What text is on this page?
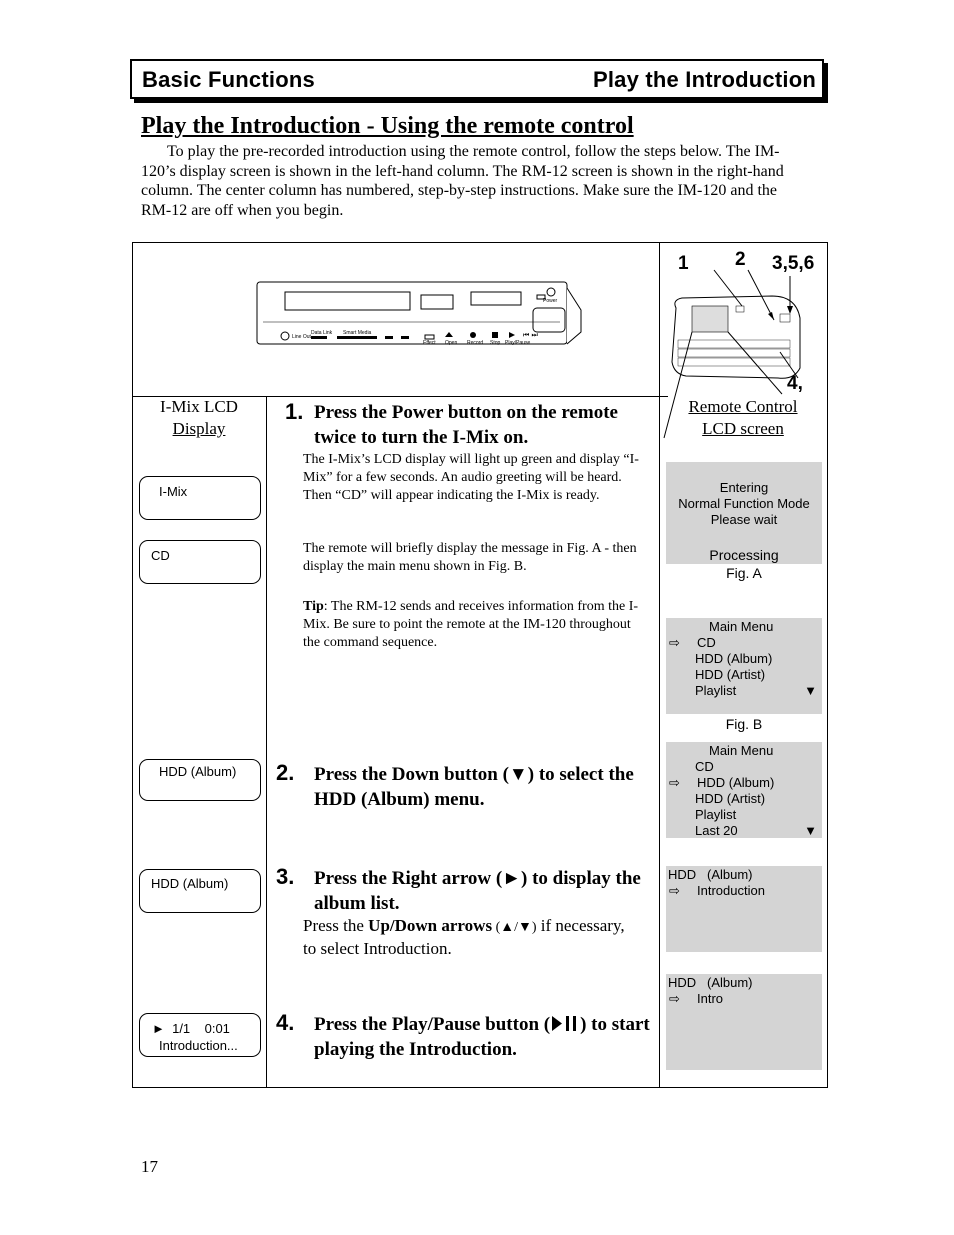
Basic Functions	Play the Introduction
Play the Introduction - Using the remote control
To play the pre-recorded introduction using the remote control, follow the steps below. The IM-120’s display screen is shown in the left-hand column. The RM-12 screen is shown in the right-hand column. The center column has numbered, step-by-step instructions. Make sure the IM-120 and the RM-12 are off when you begin.
Power
Line Out
Data Link Smart Media
Effect Open Record Stop Play/Pause
⏮ ⏭
1 2 3,5,6
4,
I-Mix LCD
Display
Remote Control
LCD screen
I-Mix
CD
HDD (Album)
HDD (Album)
►  1/1    0:01
Introduction...
1. Press the Power button on the remote twice to turn the I-Mix on.
The I-Mix’s LCD display will light up green and display “I-Mix” for a few seconds. An audio greeting will be heard. Then “CD” will appear indicating the I-Mix is ready.
The remote will briefly display the message in Fig. A - then display the main menu shown in Fig. B.
Tip: The RM-12 sends and receives information from the I-Mix. Be sure to point the remote at the IM-120 throughout the command sequence.
2. Press the Down button (▼) to select the HDD (Album) menu.
3. Press the Right arrow (►) to display the album list.
Press the Up/Down arrows (▲/▼) if necessary, to select Introduction.
4. Press the Play/Pause button ( ) to start playing the Introduction.
Entering
Normal Function Mode
Please wait
Processing
Fig. A
Main Menu
⇨ CD
HDD (Album)
HDD (Artist)
Playlist	▼
Fig. B
Main Menu
CD
⇨ HDD (Album)
HDD (Artist)
Playlist
Last 20	▼
HDD   (Album)
⇨ Introduction
HDD   (Album)
⇨ Intro
17
